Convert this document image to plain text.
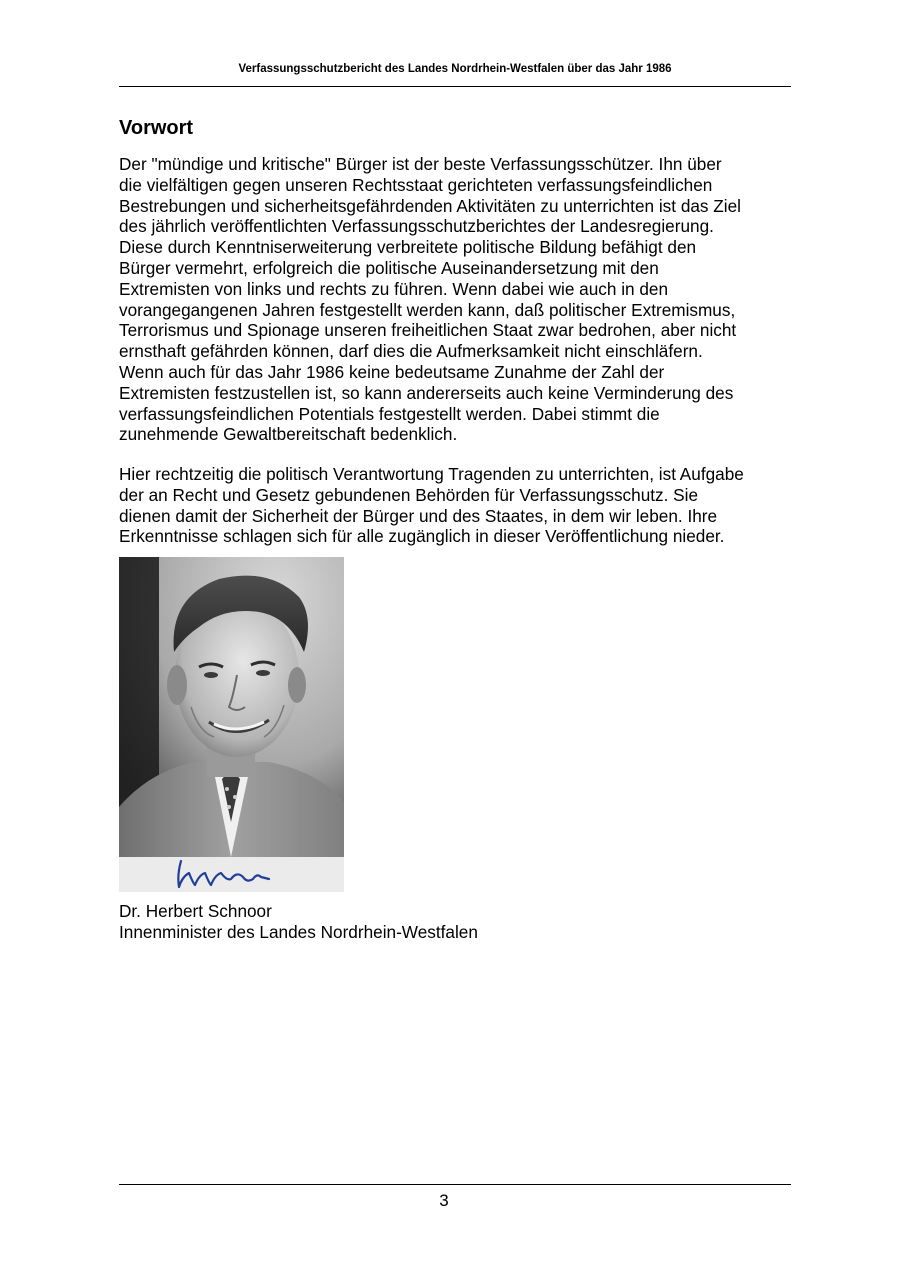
Verfassungsschutzbericht des Landes Nordrhein-Westfalen über das Jahr 1986
Vorwort

Der "mündige und kritische" Bürger ist der beste Verfassungsschützer. Ihn über
die vielfältigen gegen unseren Rechtsstaat gerichteten verfassungsfeindlichen
Bestrebungen und sicherheitsgefährdenden Aktivitäten zu unterrichten ist das Ziel
des jährlich veröffentlichten Verfassungsschutzberichtes der Landesregierung.
Diese durch Kenntniserweiterung verbreitete politische Bildung befähigt den
Bürger vermehrt, erfolgreich die politische Auseinandersetzung mit den
Extremisten von links und rechts zu führen. Wenn dabei wie auch in den
vorangegangenen Jahren festgestellt werden kann, daß politischer Extremismus,
Terrorismus und Spionage unseren freiheitlichen Staat zwar bedrohen, aber nicht
ernsthaft gefährden können, darf dies die Aufmerksamkeit nicht einschläfern.
Wenn auch für das Jahr 1986 keine bedeutsame Zunahme der Zahl der
Extremisten festzustellen ist, so kann andererseits auch keine Verminderung des
verfassungsfeindlichen Potentials festgestellt werden. Dabei stimmt die
zunehmende Gewaltbereitschaft bedenklich.

Hier rechtzeitig die politisch Verantwortung Tragenden zu unterrichten, ist Aufgabe
der an Recht und Gesetz gebundenen Behörden für Verfassungsschutz. Sie
dienen damit der Sicherheit der Bürger und des Staates, in dem wir leben. Ihre
Erkenntnisse schlagen sich für alle zugänglich in dieser Veröffentlichung nieder.

Dr. Herbert Schnoor
Innenminister des Landes Nordrhein-Westfalen

3
